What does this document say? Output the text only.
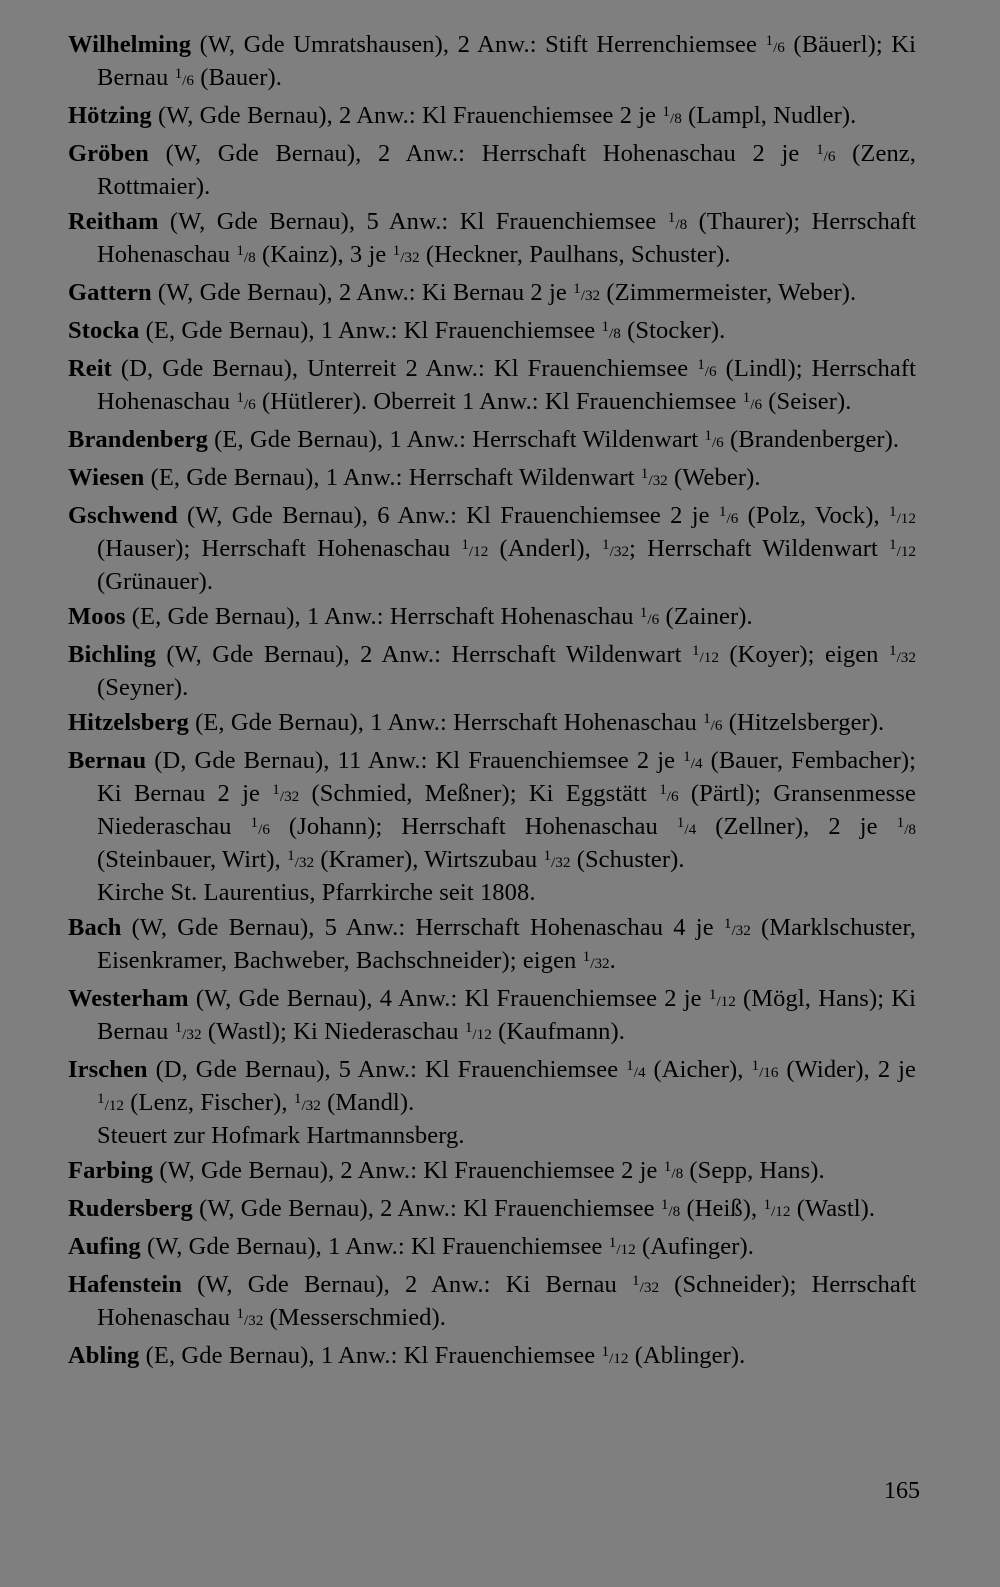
Wilhelming (W, Gde Umratshausen), 2 Anw.: Stift Herrenchiemsee $^1$/6 (Bäuerl); Ki Bernau $^1$/6 (Bauer).

Hötzing (W, Gde Bernau), 2 Anw.: Kl Frauenchiemsee 2 je $^1$/8 (Lampl, Nudler).

Gröben (W, Gde Bernau), 2 Anw.: Herrschaft Hohenaschau 2 je $^1$/6 (Zenz, Rottmaier).

Reitham (W, Gde Bernau), 5 Anw.: Kl Frauenchiemsee $^1$/8 (Thaurer); Herrschaft Hohenaschau $^1$/8 (Kainz), 3 je $^1$/32 (Heckner, Paulhans, Schuster).

Gattern (W, Gde Bernau), 2 Anw.: Ki Bernau 2 je $^1$/32 (Zimmermeister, Weber).

Stocka (E, Gde Bernau), 1 Anw.: Kl Frauenchiemsee $^1$/8 (Stocker).

Reit (D, Gde Bernau), Unterreit 2 Anw.: Kl Frauenchiemsee $^1$/6 (Lindl); Herrschaft Hohenaschau $^1$/6 (Hütlerer). Oberreit 1 Anw.: Kl Frauenchiemsee $^1$/6 (Seiser).

Brandenberg (E, Gde Bernau), 1 Anw.: Herrschaft Wildenwart $^1$/6 (Brandenberger).

Wiesen (E, Gde Bernau), 1 Anw.: Herrschaft Wildenwart $^1$/32 (Weber).

Gschwend (W, Gde Bernau), 6 Anw.: Kl Frauenchiemsee 2 je $^1$/6 (Polz, Vock), $^1$/12 (Hauser); Herrschaft Hohenaschau $^1$/12 (Anderl), $^1$/32; Herrschaft Wildenwart $^1$/12 (Grünauer).

Moos (E, Gde Bernau), 1 Anw.: Herrschaft Hohenaschau $^1$/6 (Zainer).

Bichling (W, Gde Bernau), 2 Anw.: Herrschaft Wildenwart $^1$/12 (Koyer); eigen $^1$/32 (Seyner).

Hitzelsberg (E, Gde Bernau), 1 Anw.: Herrschaft Hohenaschau $^1$/6 (Hitzelsberger).

Bernau (D, Gde Bernau), 11 Anw.: Kl Frauenchiemsee 2 je $^1$/4 (Bauer, Fembacher); Ki Bernau 2 je $^1$/32 (Schmied, Meßner); Ki Eggstätt $^1$/6 (Pärtl); Gransenmesse Niederaschau $^1$/6 (Johann); Herrschaft Hohenaschau $^1$/4 (Zellner), 2 je $^1$/8 (Steinbauer, Wirt), $^1$/32 (Kramer), Wirtszubau $^1$/32 (Schuster).
Kirche St. Laurentius, Pfarrkirche seit 1808.

Bach (W, Gde Bernau), 5 Anw.: Herrschaft Hohenaschau 4 je $^1$/32 (Marklschuster, Eisenkramer, Bachweber, Bachschneider); eigen $^1$/32.

Westerham (W, Gde Bernau), 4 Anw.: Kl Frauenchiemsee 2 je $^1$/12 (Mögl, Hans); Ki Bernau $^1$/32 (Wastl); Ki Niederaschau $^1$/12 (Kaufmann).

Irschen (D, Gde Bernau), 5 Anw.: Kl Frauenchiemsee $^1$/4 (Aicher), $^1$/16 (Wider), 2 je $^1$/12 (Lenz, Fischer), $^1$/32 (Mandl).
Steuert zur Hofmark Hartmannsberg.

Farbing (W, Gde Bernau), 2 Anw.: Kl Frauenchiemsee 2 je $^1$/8 (Sepp, Hans).

Rudersberg (W, Gde Bernau), 2 Anw.: Kl Frauenchiemsee $^1$/8 (Heiß), $^1$/12 (Wastl).

Aufing (W, Gde Bernau), 1 Anw.: Kl Frauenchiemsee $^1$/12 (Aufinger).

Hafenstein (W, Gde Bernau), 2 Anw.: Ki Bernau $^1$/32 (Schneider); Herrschaft Hohenaschau $^1$/32 (Messerschmied).

Abling (E, Gde Bernau), 1 Anw.: Kl Frauenchiemsee $^1$/12 (Ablinger).

165
